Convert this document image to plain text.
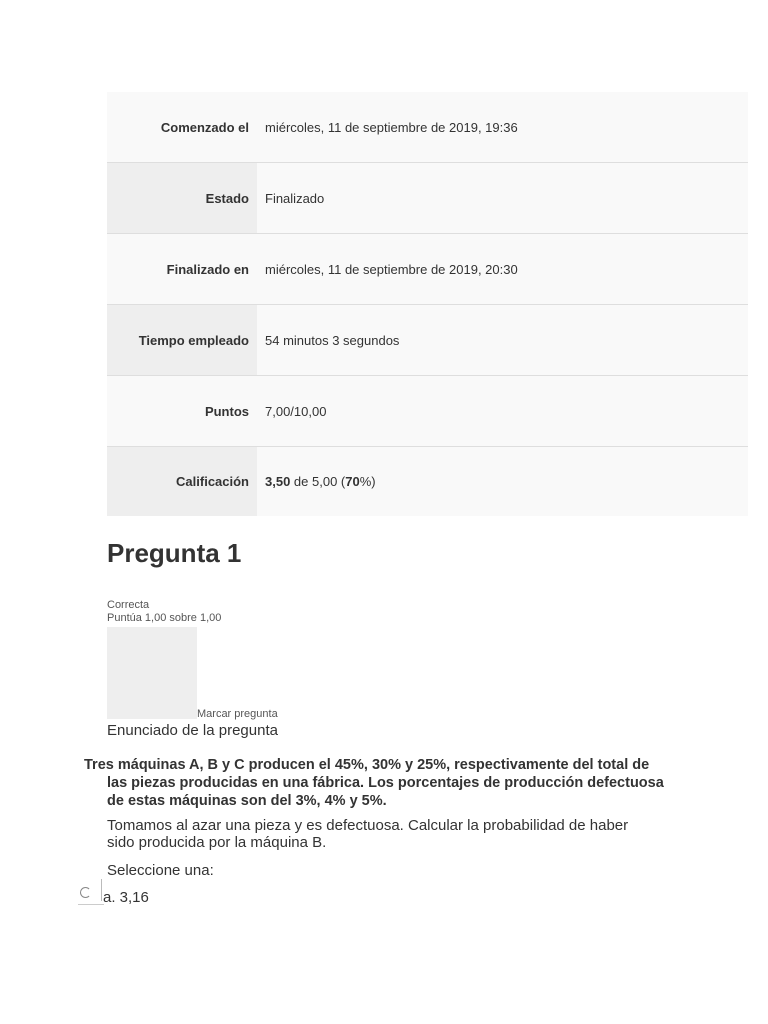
Comenzado el	miércoles, 11 de septiembre de 2019, 19:36
Estado	Finalizado
Finalizado en	miércoles, 11 de septiembre de 2019, 20:30
Tiempo empleado	54 minutos 3 segundos
Puntos	7,00/10,00
Calificación	3,50 de 5,00 ( 70 %)
Pregunta 1
Correcta
Puntúa 1,00 sobre 1,00
Marcar pregunta
Enunciado de la pregunta
Tres máquinas A, B y C producen el 45%, 30% y 25%, respectivamente del total de las piezas producidas en una fábrica. Los porcentajes de producción defectuosa de estas máquinas son del 3%, 4% y 5%.
Tomamos al azar una pieza y es defectuosa. Calcular la probabilidad de haber sido producida por la máquina B.
Seleccione una:
a. 3,16
